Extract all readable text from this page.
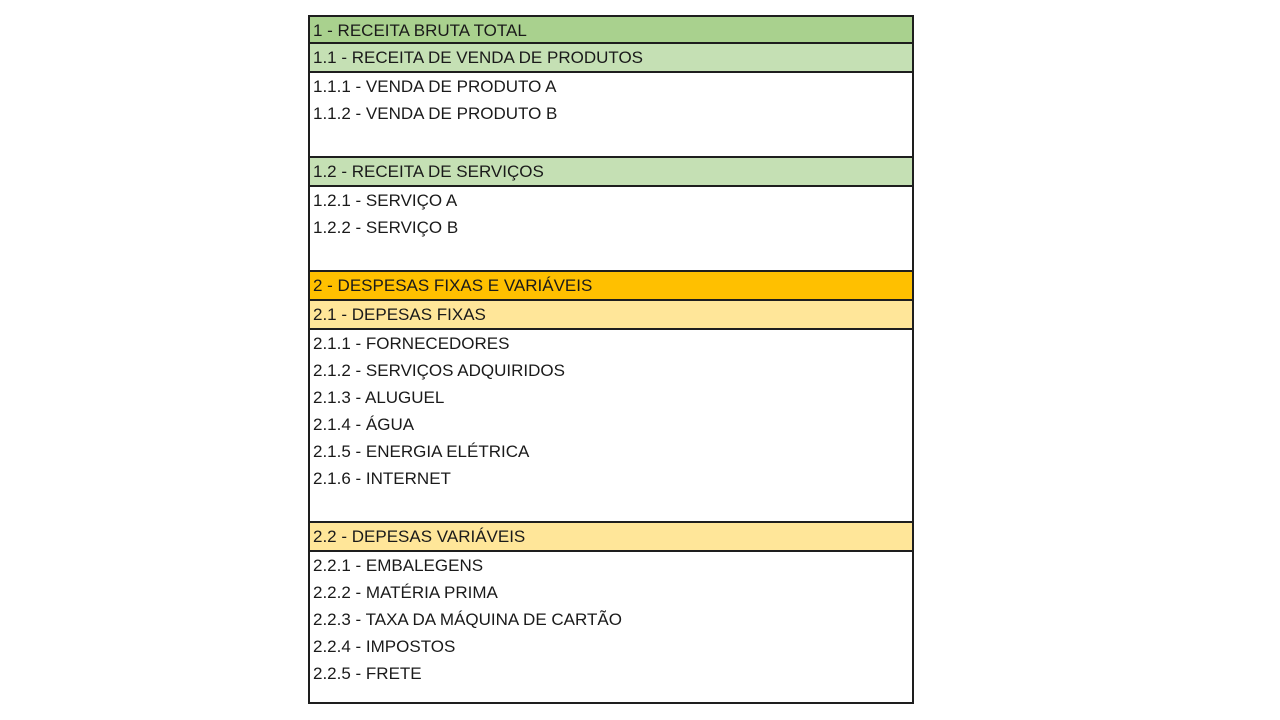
1 - RECEITA BRUTA TOTAL
1.1 - RECEITA DE VENDA DE PRODUTOS
1.1.1 - VENDA DE PRODUTO A
1.1.2 - VENDA DE PRODUTO B
1.2 - RECEITA DE SERVIÇOS
1.2.1 - SERVIÇO A
1.2.2 - SERVIÇO B
2 - DESPESAS FIXAS E VARIÁVEIS
2.1 - DEPESAS FIXAS
2.1.1 - FORNECEDORES
2.1.2 - SERVIÇOS ADQUIRIDOS
2.1.3 - ALUGUEL
2.1.4 - ÁGUA
2.1.5 - ENERGIA ELÉTRICA
2.1.6 - INTERNET
2.2 - DEPESAS VARIÁVEIS
2.2.1 - EMBALEGENS
2.2.2 - MATÉRIA PRIMA
2.2.3 - TAXA DA MÁQUINA DE CARTÃO
2.2.4 - IMPOSTOS
2.2.5 - FRETE
